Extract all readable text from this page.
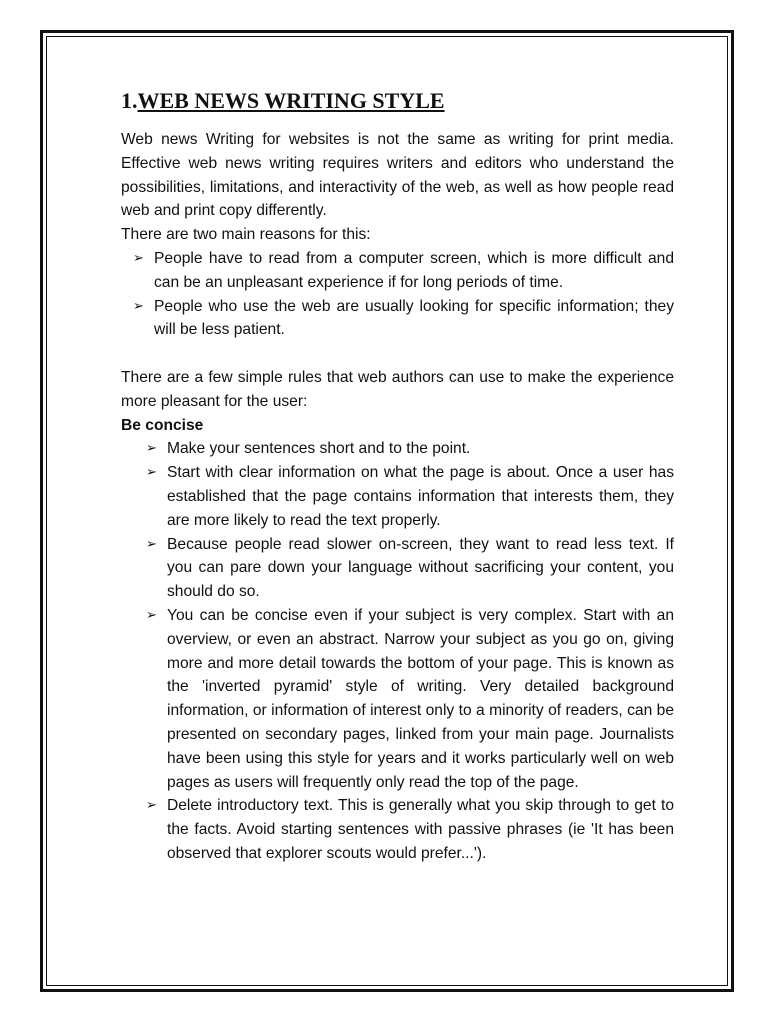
1.WEB NEWS WRITING STYLE

Web news Writing for websites is not the same as writing for print media. Effective web news writing requires writers and editors who understand the possibilities, limitations, and interactivity of the web, as well as how people read web and print copy differently.

There are two main reasons for this:

➢ People have to read from a computer screen, which is more difficult and can be an unpleasant experience if for long periods of time.
➢ People who use the web are usually looking for specific information; they will be less patient.

There are a few simple rules that web authors can use to make the experience more pleasant for the user:

Be concise

➢ Make your sentences short and to the point.
➢ Start with clear information on what the page is about. Once a user has established that the page contains information that interests them, they are more likely to read the text properly.
➢ Because people read slower on-screen, they want to read less text. If you can pare down your language without sacrificing your content, you should do so.
➢ You can be concise even if your subject is very complex. Start with an overview, or even an abstract. Narrow your subject as you go on, giving more and more detail towards the bottom of your page. This is known as the 'inverted pyramid' style of writing. Very detailed background information, or information of interest only to a minority of readers, can be presented on secondary pages, linked from your main page. Journalists have been using this style for years and it works particularly well on web pages as users will frequently only read the top of the page.
➢ Delete introductory text. This is generally what you skip through to get to the facts. Avoid starting sentences with passive phrases (ie 'It has been observed that explorer scouts would prefer...').
